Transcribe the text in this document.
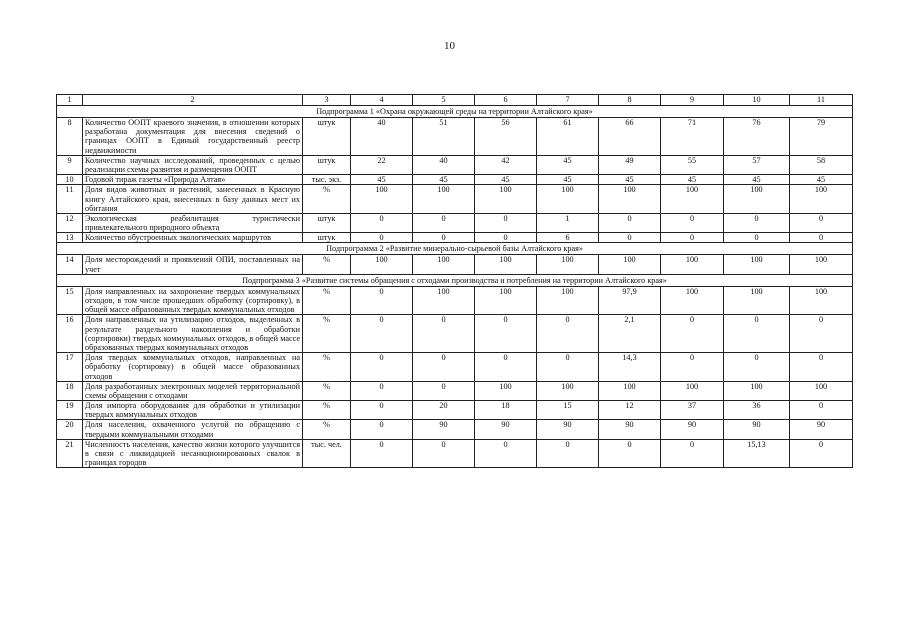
10
1	2	3	4	5	6	7	8	9	10	11
Подпрограмма 1 «Охрана окружающей среды на территории Алтайского края»										
8	Количество ООПТ краевого значения, в отношении которых разработана документация для внесения сведений о границах ООПТ в Единый государственный реестр недвижимости	штук	40	51	56	61	66	71	76	79
9	Количество научных исследований, проведенных с целью реализации схемы развития и размещения ООПТ	штук	22	40	42	45	49	55	57	58
10	Годовой тираж газеты «Природа Алтая»	тыс. экз.	45	45	45	45	45	45	45	45
11	Доля видов животных и растений, занесенных в Красную книгу Алтайского края, внесенных в базу данных мест их обитания	%	100	100	100	100	100	100	100	100
12	Экологическая реабилитация туристически привлекательного природного объекта	штук	0	0	0	1	0	0	0	0
13	Количество обустроенных экологических маршрутов	штук	0	0	0	6	0	0	0	0
Подпрограмма 2 «Развитие минерально-сырьевой базы Алтайского края»										
14	Доля месторождений и проявлений ОПИ, поставленных на учет	%	100	100	100	100	100	100	100	100
Подпрограмма 3 «Развитие системы обращения с отходами производства и потребления на территории Алтайского края»										
15	Доля направленных на захоронение твердых коммунальных отходов, в том числе прошедших обработку (сортировку), в общей массе образованных твердых коммунальных отходов	%	0	100	100	100	97,9	100	100	100
16	Доля направленных на утилизацию отходов, выделенных в результате раздельного накопления и обработки (сортировки) твердых коммунальных отходов, в общей массе образованных твердых коммунальных отходов	%	0	0	0	0	2,1	0	0	0
17	Доля твердых коммунальных отходов, направленных на обработку (сортировку) в общей массе образованных отходов	%	0	0	0	0	14,3	0	0	0
18	Доля разработанных электронных моделей территориальной схемы обращения с отходами	%	0	0	100	100	100	100	100	100
19	Доля импорта оборудования для обработки и утилизации твердых коммунальных отходов	%	0	20	18	15	12	37	36	0
20	Доля населения, охваченного услугой по обращению с твердыми коммунальными отходами	%	0	90	90	90	90	90	90	90
21	Численность населения, качество жизни которого улучшится в связи с ликвидацией несанкционированных свалок в границах городов	тыс. чел.	0	0	0	0	0	0	15,13	0
